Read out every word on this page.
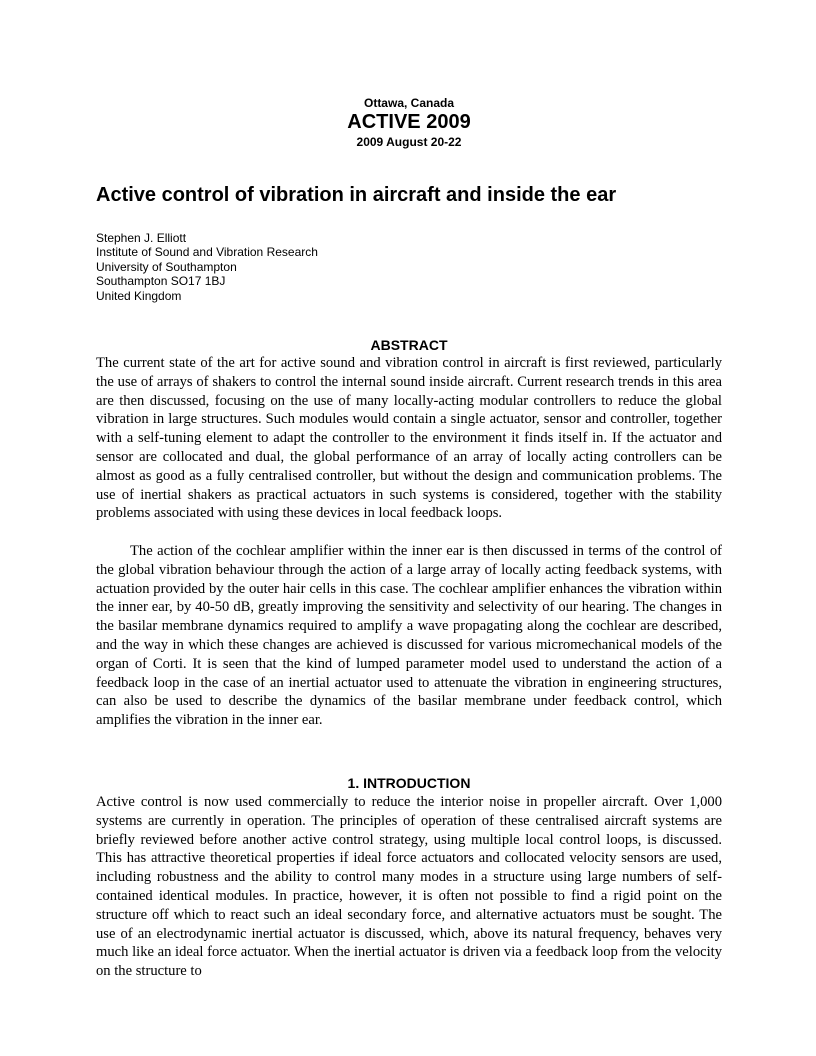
Ottawa, Canada
ACTIVE 2009
2009 August 20-22
Active control of vibration in aircraft and inside the ear
Stephen J. Elliott
Institute of Sound and Vibration Research
University of Southampton
Southampton SO17 1BJ
United Kingdom
ABSTRACT
The current state of the art for active sound and vibration control in aircraft is first reviewed, particularly the use of arrays of shakers to control the internal sound inside aircraft. Current research trends in this area are then discussed, focusing on the use of many locally-acting modular controllers to reduce the global vibration in large structures. Such modules would contain a single actuator, sensor and controller, together with a self-tuning element to adapt the controller to the environment it finds itself in. If the actuator and sensor are collocated and dual, the global performance of an array of locally acting controllers can be almost as good as a fully centralised controller, but without the design and communication problems. The use of inertial shakers as practical actuators in such systems is considered, together with the stability problems associated with using these devices in local feedback loops.
The action of the cochlear amplifier within the inner ear is then discussed in terms of the control of the global vibration behaviour through the action of a large array of locally acting feedback systems, with actuation provided by the outer hair cells in this case. The cochlear amplifier enhances the vibration within the inner ear, by 40-50 dB, greatly improving the sensitivity and selectivity of our hearing. The changes in the basilar membrane dynamics required to amplify a wave propagating along the cochlear are described, and the way in which these changes are achieved is discussed for various micromechanical models of the organ of Corti. It is seen that the kind of lumped parameter model used to understand the action of a feedback loop in the case of an inertial actuator used to attenuate the vibration in engineering structures, can also be used to describe the dynamics of the basilar membrane under feedback control, which amplifies the vibration in the inner ear.
1. INTRODUCTION
Active control is now used commercially to reduce the interior noise in propeller aircraft. Over 1,000 systems are currently in operation. The principles of operation of these centralised aircraft systems are briefly reviewed before another active control strategy, using multiple local control loops, is discussed. This has attractive theoretical properties if ideal force actuators and collocated velocity sensors are used, including robustness and the ability to control many modes in a structure using large numbers of self-contained identical modules. In practice, however, it is often not possible to find a rigid point on the structure off which to react such an ideal secondary force, and alternative actuators must be sought. The use of an electrodynamic inertial actuator is discussed, which, above its natural frequency, behaves very much like an ideal force actuator. When the inertial actuator is driven via a feedback loop from the velocity on the structure to
